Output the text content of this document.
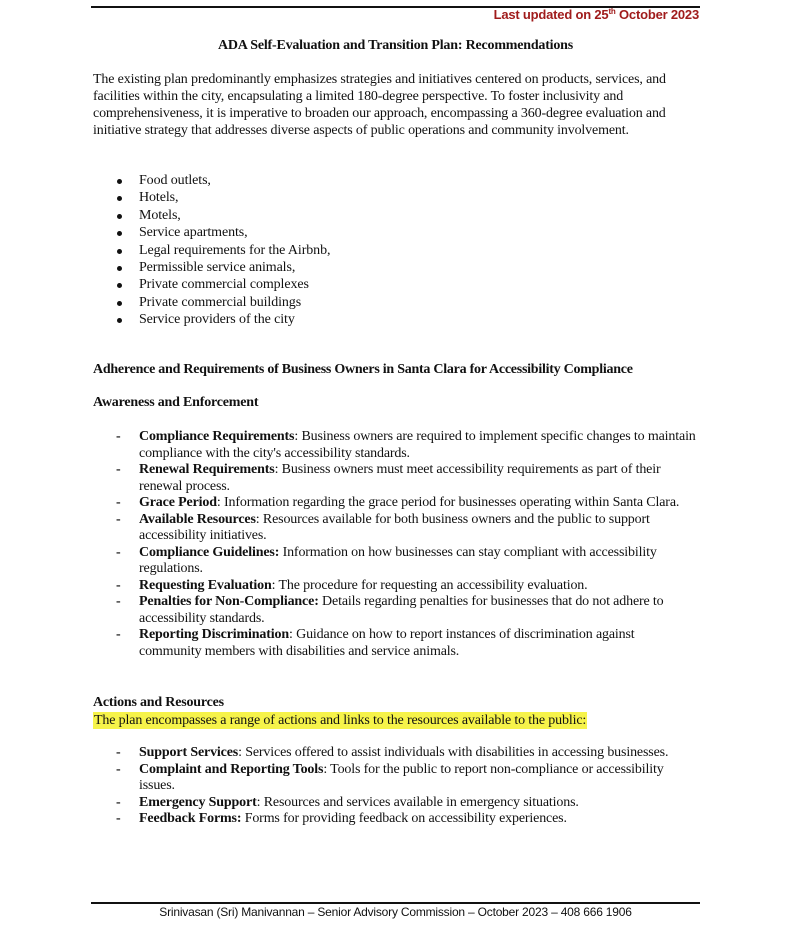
Last updated on 25th October 2023
ADA Self-Evaluation and Transition Plan: Recommendations
The existing plan predominantly emphasizes strategies and initiatives centered on products, services, and facilities within the city, encapsulating a limited 180-degree perspective. To foster inclusivity and comprehensiveness, it is imperative to broaden our approach, encompassing a 360-degree evaluation and initiative strategy that addresses diverse aspects of public operations and community involvement.
Food outlets,
Hotels,
Motels,
Service apartments,
Legal requirements for the Airbnb,
Permissible service animals,
Private commercial complexes
Private commercial buildings
Service providers of the city
Adherence and Requirements of Business Owners in Santa Clara for Accessibility Compliance
Awareness and Enforcement
- Compliance Requirements: Business owners are required to implement specific changes to maintain compliance with the city's accessibility standards.
- Renewal Requirements: Business owners must meet accessibility requirements as part of their renewal process.
- Grace Period: Information regarding the grace period for businesses operating within Santa Clara.
- Available Resources: Resources available for both business owners and the public to support accessibility initiatives.
- Compliance Guidelines: Information on how businesses can stay compliant with accessibility regulations.
- Requesting Evaluation: The procedure for requesting an accessibility evaluation.
- Penalties for Non-Compliance: Details regarding penalties for businesses that do not adhere to accessibility standards.
- Reporting Discrimination: Guidance on how to report instances of discrimination against community members with disabilities and service animals.
Actions and Resources
The plan encompasses a range of actions and links to the resources available to the public:
- Support Services: Services offered to assist individuals with disabilities in accessing businesses.
- Complaint and Reporting Tools: Tools for the public to report non-compliance or accessibility issues.
- Emergency Support: Resources and services available in emergency situations.
- Feedback Forms: Forms for providing feedback on accessibility experiences.
Srinivasan (Sri) Manivannan – Senior Advisory Commission – October 2023 – 408 666 1906
